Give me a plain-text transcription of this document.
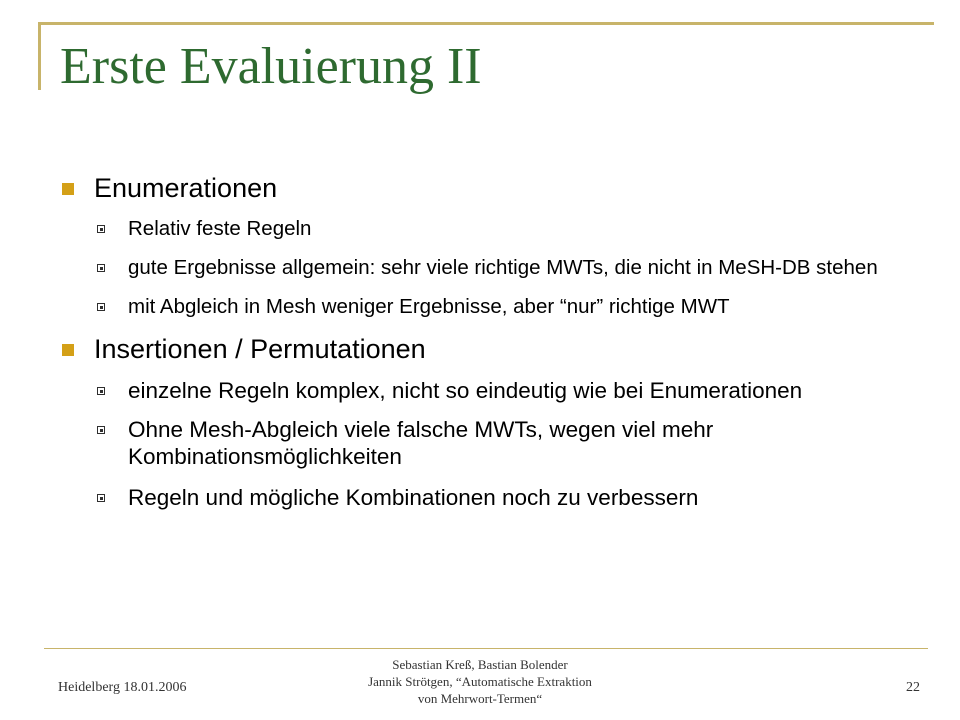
Erste Evaluierung II
Enumerationen
Relativ feste Regeln
gute Ergebnisse allgemein: sehr viele richtige MWTs, die nicht in MeSH-DB stehen
mit Abgleich in Mesh weniger Ergebnisse, aber “nur” richtige MWT
Insertionen / Permutationen
einzelne Regeln komplex, nicht so eindeutig wie bei Enumerationen
Ohne Mesh-Abgleich viele falsche MWTs, wegen viel mehr Kombinationsmöglichkeiten
Regeln und mögliche Kombinationen noch zu verbessern
Heidelberg 18.01.2006
Sebastian Kreß, Bastian Bolender
Jannik Strötgen, “Automatische Extraktion
von Mehrwort-Termen“
22
